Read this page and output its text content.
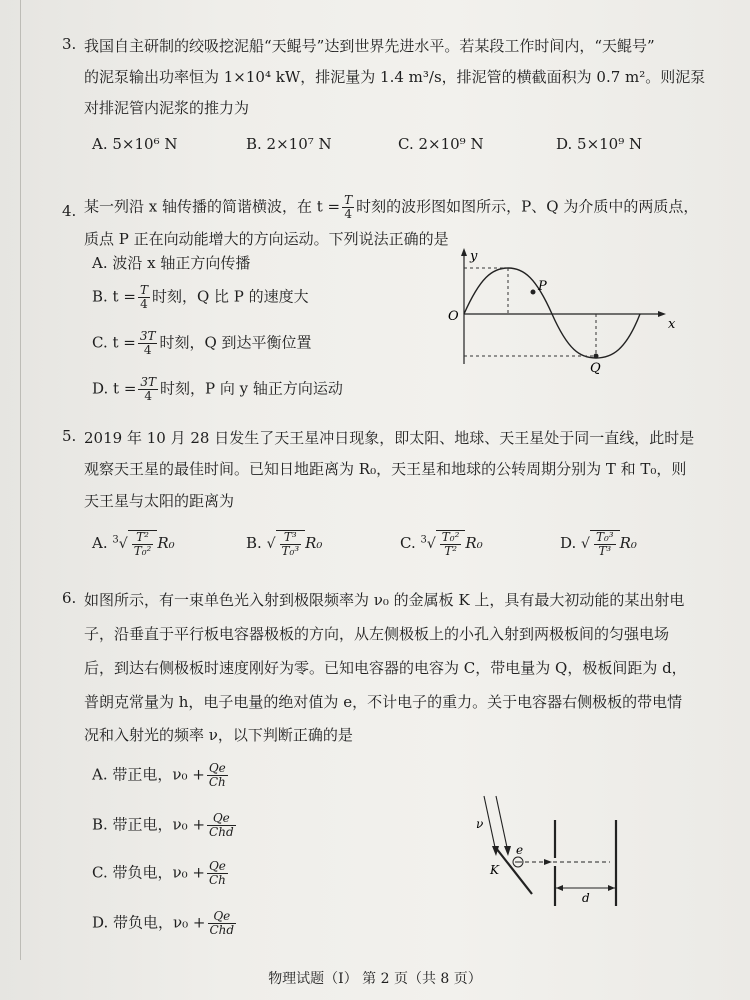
3. 我国自主研制的绞吸挖泥船“天鲲号”达到世界先进水平。若某段工作时间内，“天鲲号”
的泥泵输出功率恒为 1×10⁴ kW，排泥量为 1.4 m³/s，排泥管的横截面积为 0.7 m²。则泥泵
对排泥管内泥浆的推力为
A. 5×10⁶ N	B. 2×10⁷ N	C. 2×10⁹ N	D. 5×10⁹ N
4. 某一列沿 x 轴传播的简谐横波，在 $t = \frac{T}{4}$ 时刻的波形图如图所示，P、Q 为介质中的两质点，
质点 P 正在向动能增大的方向运动。下列说法正确的是
A. 波沿 x 轴正方向传播
B. $t = \frac{T}{4}$ 时刻，Q 比 P 的速度大
C. $t = \frac{3T}{4}$ 时刻，Q 到达平衡位置
D. $t = \frac{3T}{4}$ 时刻，P 向 y 轴正方向运动
y
x
O
P
Q
5. 2019 年 10 月 28 日发生了天王星冲日现象，即太阳、地球、天王星处于同一直线，此时是
观察天王星的最佳时间。已知日地距离为 R₀，天王星和地球的公转周期分别为 T 和 T₀，则
天王星与太阳的距离为
A. $^3√ \frac{\text{T²}}{\text{T₀²}} R_0$	B. √ $\frac{\text{T³}}{\text{T₀³}} R_0$	C. $^3√ \frac{\text{T₀²}}{\text{T²}} R_0$	D. √ $\frac{\text{T₀³}}{\text{T³}} R_0$
6. 如图所示，有一束单色光入射到极限频率为 ν₀ 的金属板 K 上，具有最大初动能的某出射电
子，沿垂直于平行板电容器极板的方向，从左侧极板上的小孔入射到两极板间的匀强电场
后，到达右侧极板时速度刚好为零。已知电容器的电容为 C，带电量为 Q，极板间距为 d，
普朗克常量为 h，电子电量的绝对值为 e，不计电子的重力。关于电容器右侧极板的带电情
况和入射光的频率 ν，以下判断正确的是
A. 带正电，$\nu_0 + \frac{Qe}{Ch}$
B. 带正电，$\nu_0 + \frac{Qe}{\text{Chd}}$
C. 带负电，$\nu_0 + \frac{Qe}{Ch}$
D. 带负电，$\nu_0 + \frac{Qe}{\text{Chd}}$
ν
e
K
d
物理试题（Ⅰ） 第 2 页（共 8 页）
